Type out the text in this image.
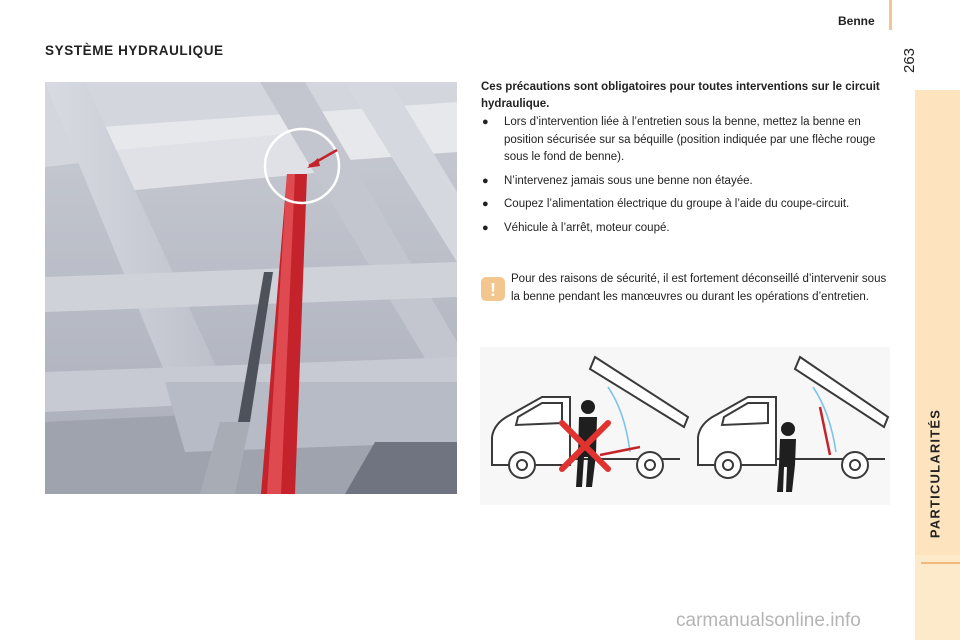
Benne
263
PARTICULARITÉS
SYSTÈME HYDRAULIQUE
Ces précautions sont obligatoires pour toutes interventions sur le circuit hydraulique.
● Lors d’intervention liée à l’entretien sous la benne, mettez la benne en position sécurisée sur sa béquille (position indiquée par une flèche rouge sous le fond de benne).
● N’intervenez jamais sous une benne non étayée.
● Coupez l’alimentation électrique du groupe à l’aide du coupe-circuit.
● Véhicule à l’arrêt, moteur coupé.
!
Pour des raisons de sécurité, il est fortement déconseillé d’intervenir sous la benne pendant les manœuvres ou durant les opérations d’entretien.
carmanualsonline.info
